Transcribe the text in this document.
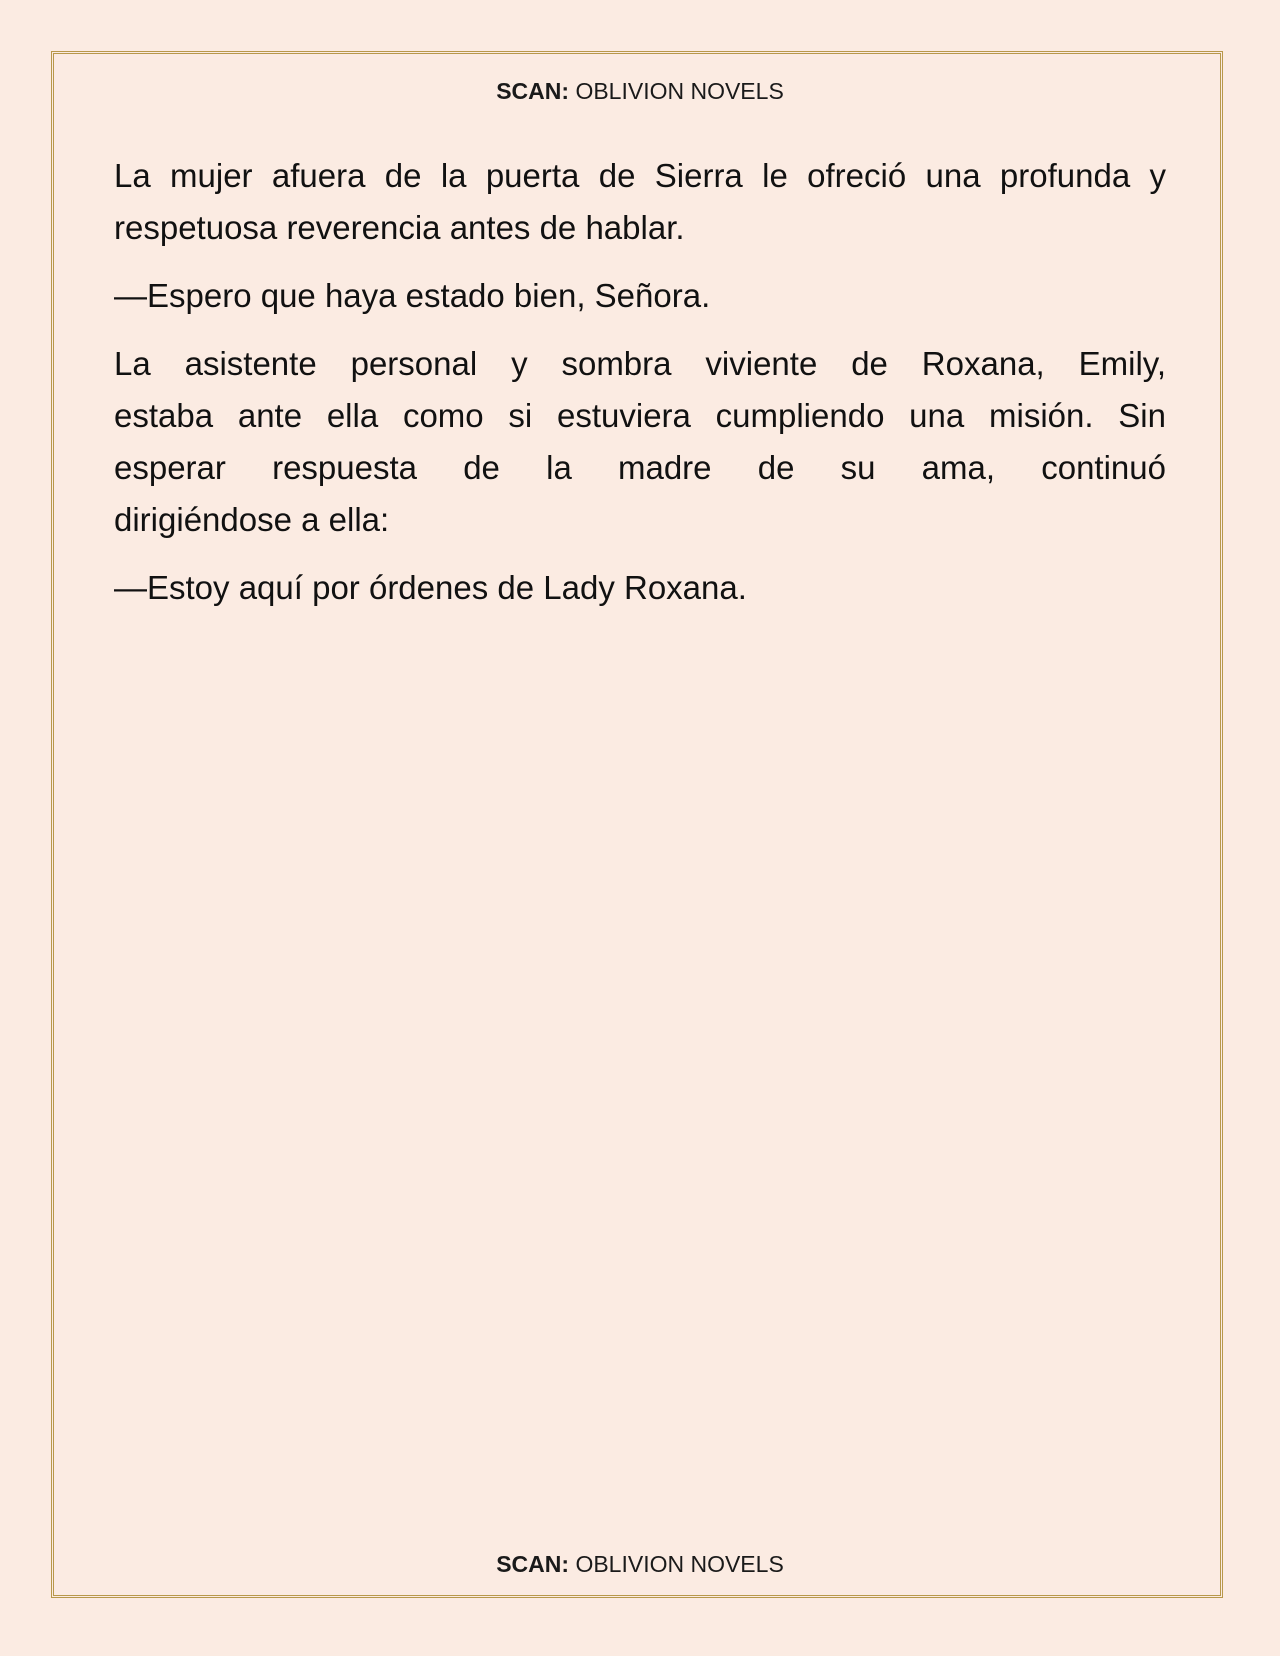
SCAN: OBLIVION NOVELS
La mujer afuera de la puerta de Sierra le ofreció una profunda y
respetuosa reverencia antes de hablar.
—Espero que haya estado bien, Señora.
La asistente personal y sombra viviente de Roxana, Emily,
estaba ante ella como si estuviera cumpliendo una misión. Sin
esperar respuesta de la madre de su ama, continuó
dirigiéndose a ella:
—Estoy aquí por órdenes de Lady Roxana.
SCAN: OBLIVION NOVELS
